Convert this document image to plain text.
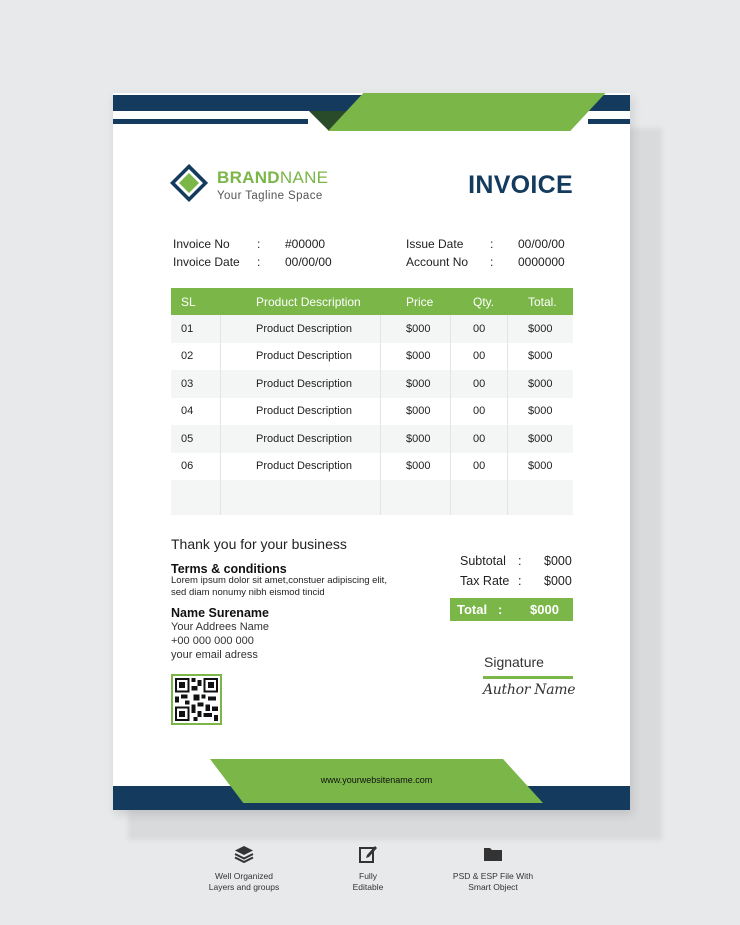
BRANDNANE
Your Tagline Space	INVOICE
Invoice No	:	#00000
Invoice Date	:	00/00/00
Issue Date	:	00/00/00
Account No	:	0000000
SL	Product Description	Price	Qty.	Total.
01	Product Description	$000	00	$000
02	Product Description	$000	00	$000
03	Product Description	$000	00	$000
04	Product Description	$000	00	$000
05	Product Description	$000	00	$000
06	Product Description	$000	00	$000
Thank you for your business
Terms & conditions
Lorem ipsum dolor sit amet,constuer adipiscing elit,
sed diam nonumy nibh eismod tincid
Name Surename
Your Addrees Name
+00 000 000 000
your email adress
Subtotal :	$000
Tax Rate :	$000
Total :	$000
Signature
Author Name
www.yourwebsitename.com
Well Organized
Layers and groups
Fully
Editable
PSD & ESP File With
Smart Object
